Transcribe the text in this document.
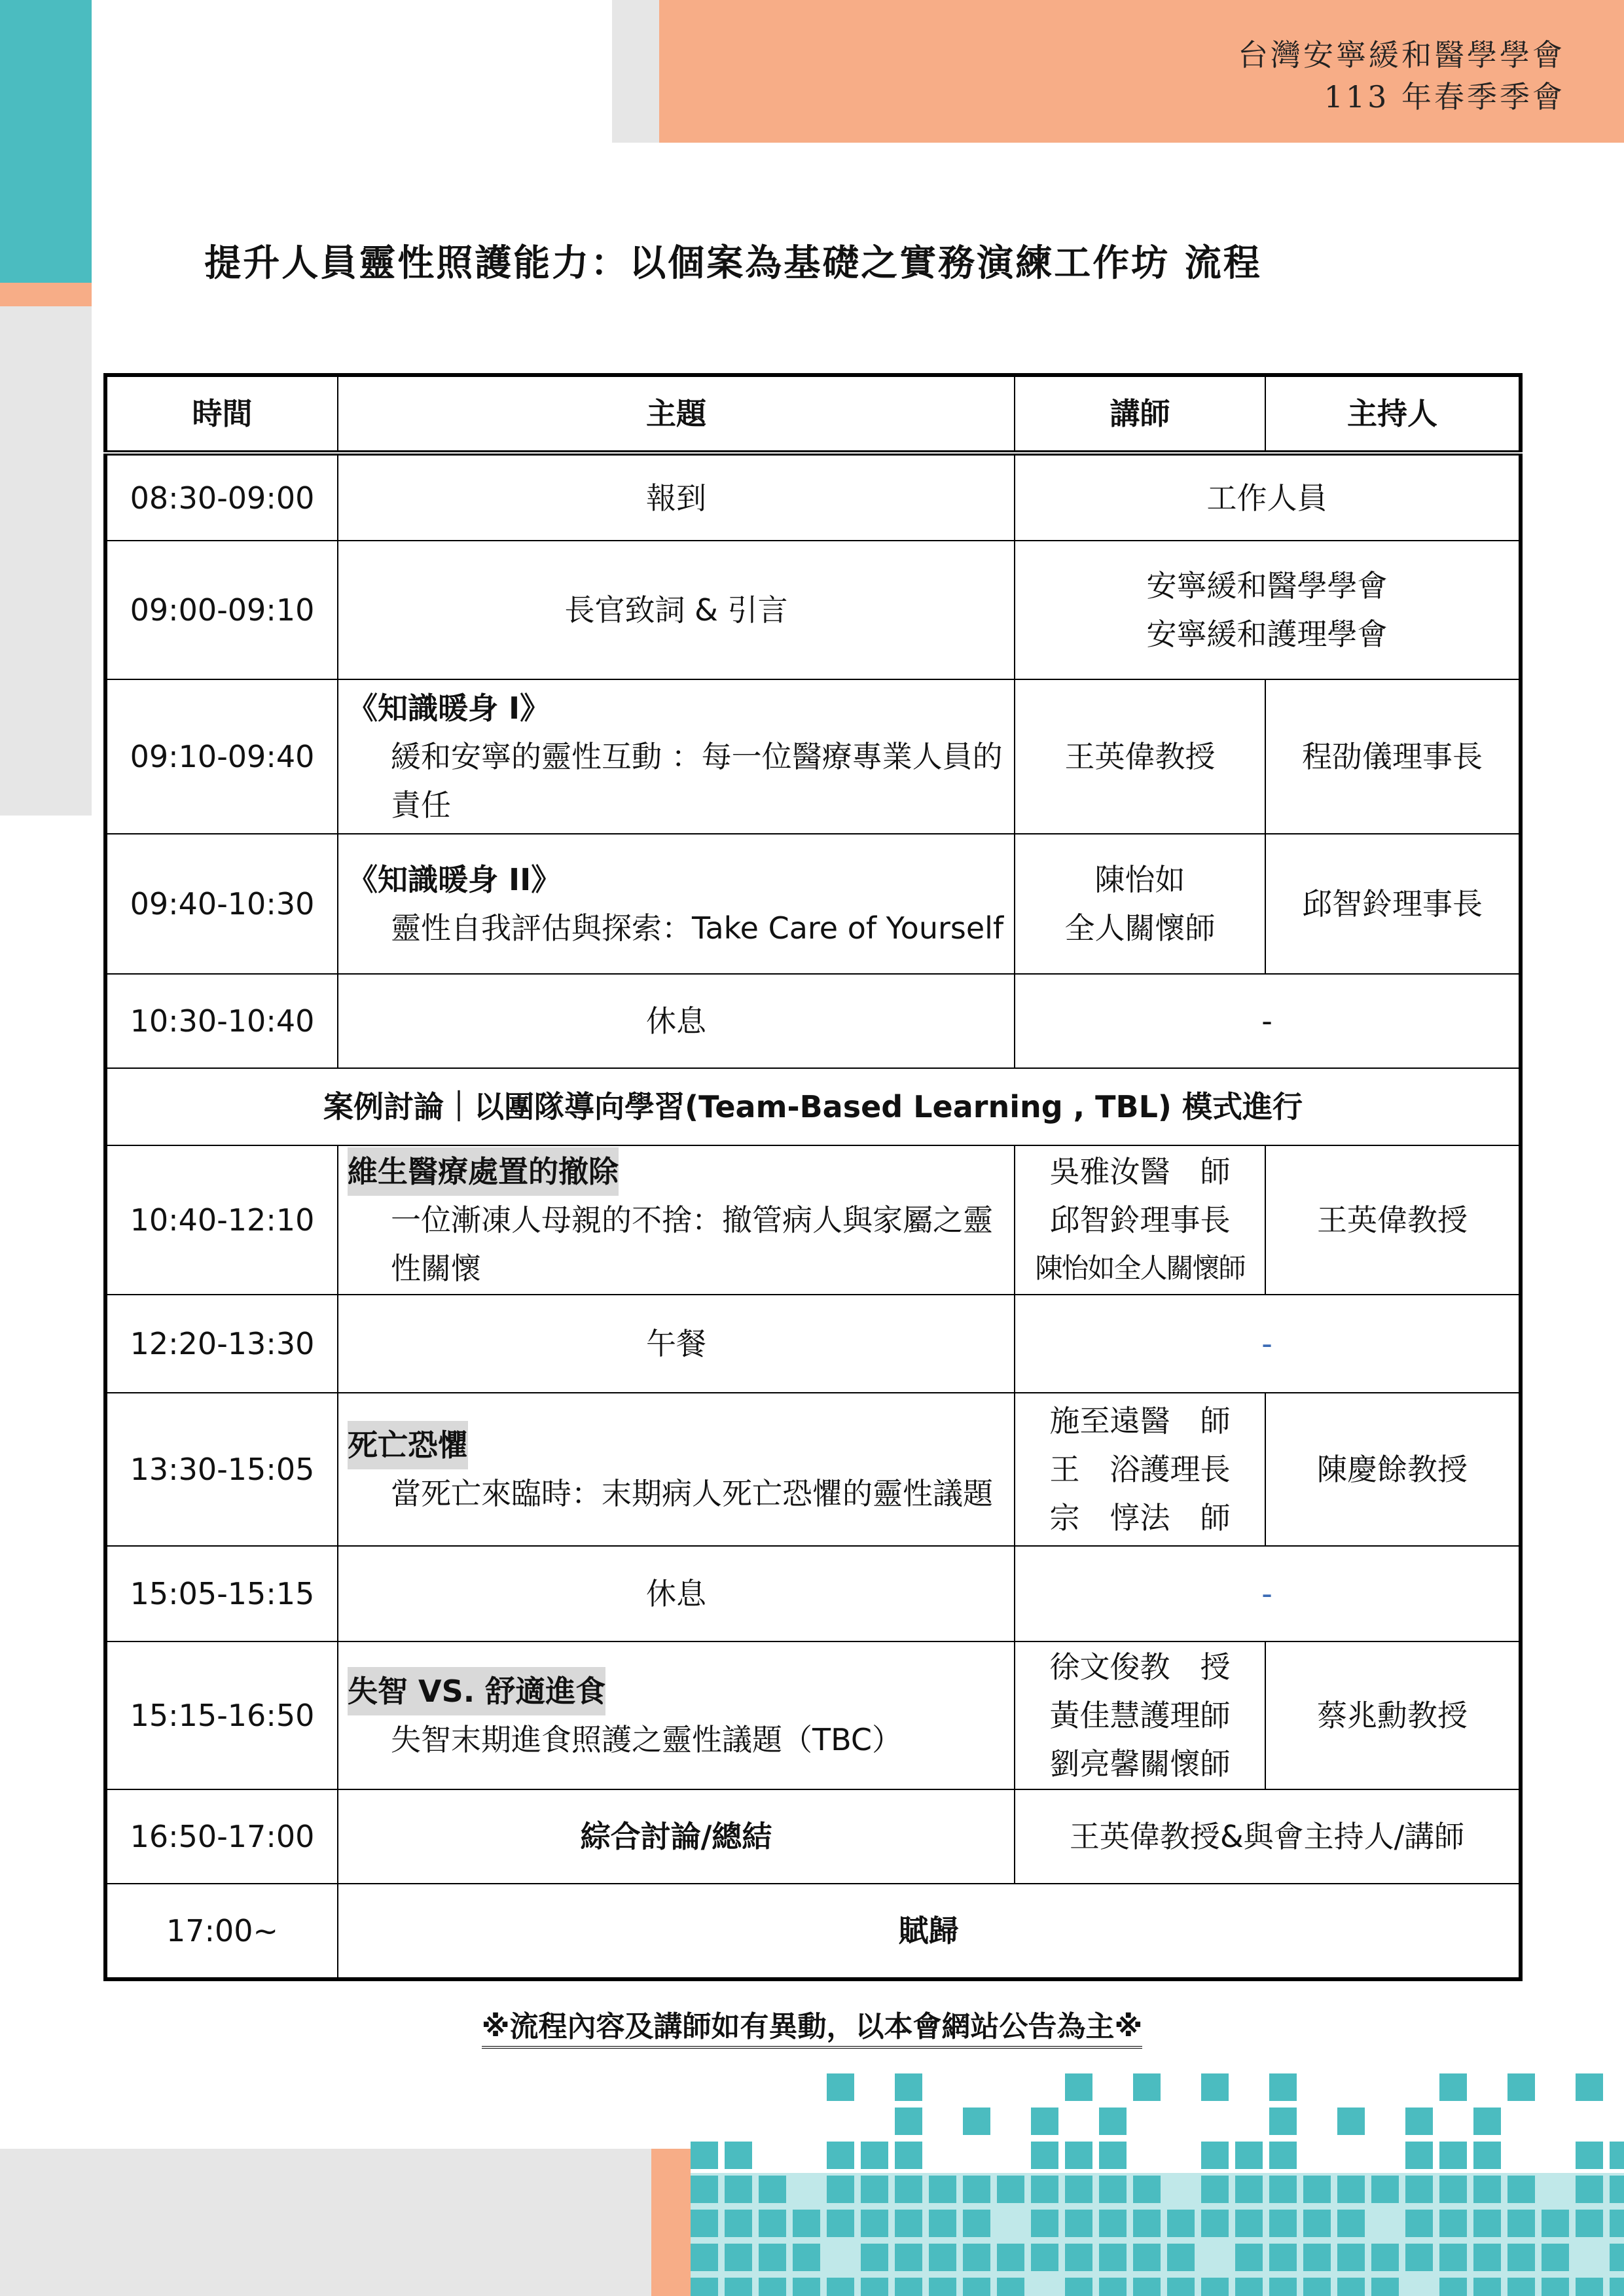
台灣安寧緩和醫學學會
113 年春季季會
提升人員靈性照護能力：以個案為基礎之實務演練工作坊 流程
時間	主題	講師	主持人
08:30-09:00	報到	工作人員	
09:00-09:10	長官致詞 & 引言	安寧緩和醫學學會
安寧緩和護理學會	

09:10-09:40	《知識暖身 I》
緩和安寧的靈性互動 ：每一位醫療專業人員的責任	王英偉教授	程劭儀理事長
09:40-10:30	《知識暖身 II》
靈性自我評估與探索：Take Care of Yourself	陳怡如
全人關懷師	邱智鈴理事長
10:30-10:40	休息	-	
案例討論｜以團隊導向學習(Team-Based Learning , TBL) 模式進行			
10:40-12:10	維生醫療處置的撤除
一位漸凍人母親的不捨：撤管病人與家屬之靈性關懷	吳雅汝醫　師
邱智鈴理事長
陳怡如全人關懷師	王英偉教授
12:20-13:30	午餐	-	
13:30-15:05	死亡恐懼
當死亡來臨時：末期病人死亡恐懼的靈性議題	施至遠醫　師
王　浴護理長
宗　惇法　師	陳慶餘教授
15:05-15:15	休息	-	
15:15-16:50	失智 VS. 舒適進食
失智末期進食照護之靈性議題（TBC）	徐文俊教　授
黃佳慧護理師
劉亮馨關懷師	蔡兆勳教授
16:50-17:00	綜合討論/總結	王英偉教授&與會主持人/講師	
17:00~	賦歸		
※流程內容及講師如有異動，以本會網站公告為主※
